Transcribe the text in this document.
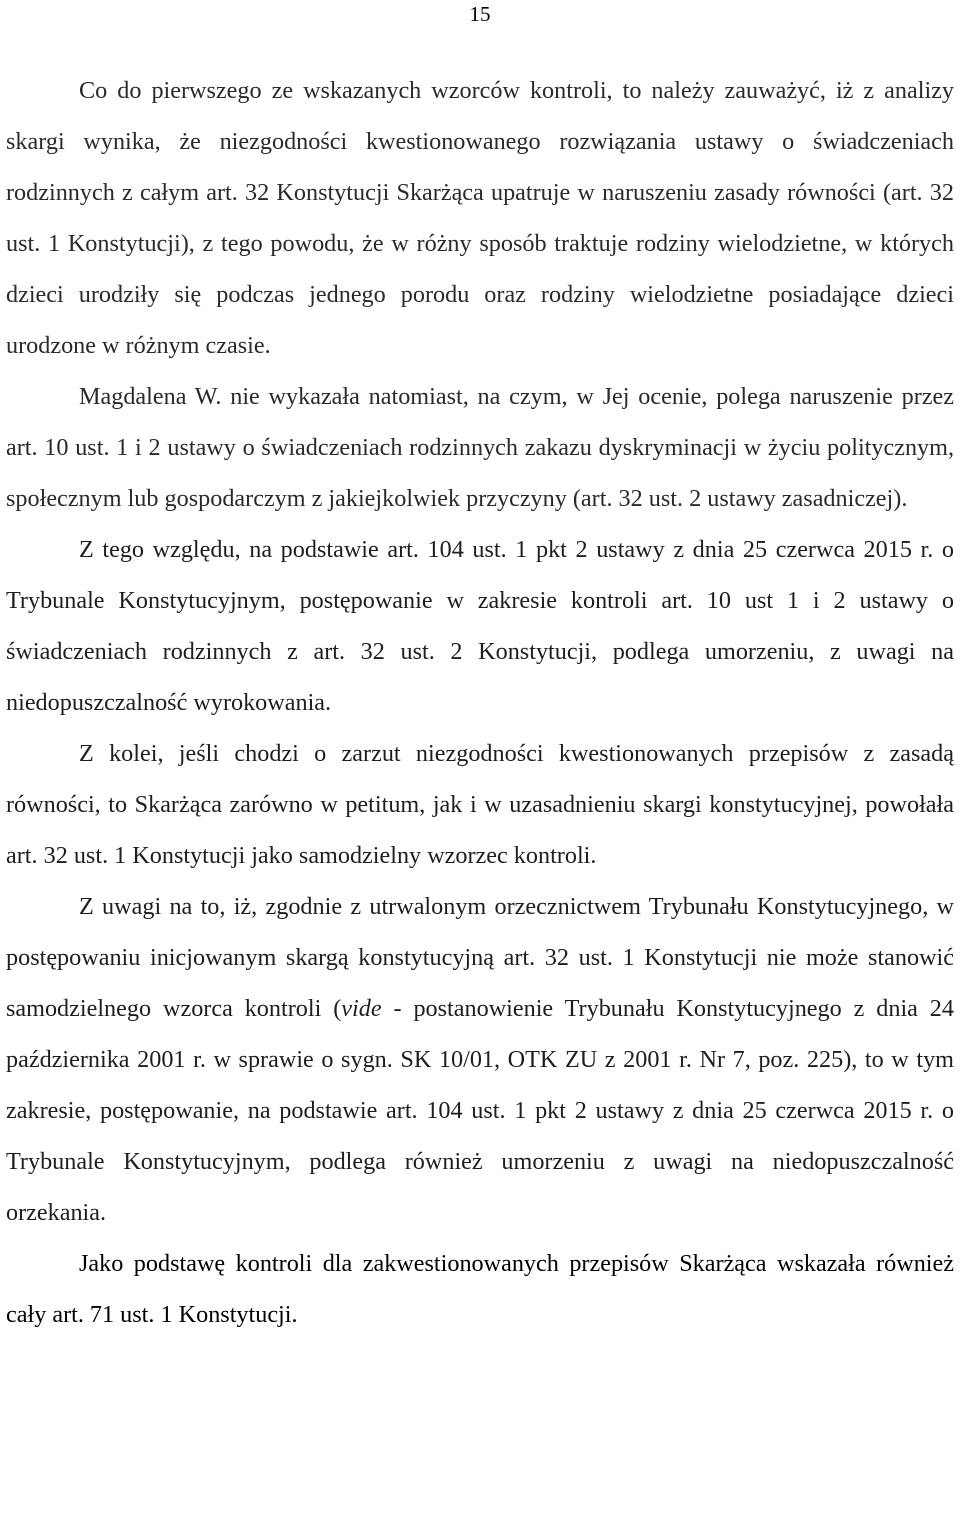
15

Co do pierwszego ze wskazanych wzorców kontroli, to należy zauważyć, iż z analizy skargi wynika, że niezgodności kwestionowanego rozwiązania ustawy o świadczeniach rodzinnych z całym art. 32 Konstytucji Skarżąca upatruje w naruszeniu zasady równości (art. 32 ust. 1 Konstytucji), z tego powodu, że w różny sposób traktuje rodziny wielodzietne, w których dzieci urodziły się podczas jednego porodu oraz rodziny wielodzietne posiadające dzieci urodzone w różnym czasie.

Magdalena W. nie wykazała natomiast, na czym, w Jej ocenie, polega naruszenie przez art. 10 ust. 1 i 2 ustawy o świadczeniach rodzinnych zakazu dyskryminacji w życiu politycznym, społecznym lub gospodarczym z jakiejkolwiek przyczyny (art. 32 ust. 2 ustawy zasadniczej).

Z tego względu, na podstawie art. 104 ust. 1 pkt 2 ustawy z dnia 25 czerwca 2015 r. o Trybunale Konstytucyjnym, postępowanie w zakresie kontroli art. 10 ust 1 i 2 ustawy o świadczeniach rodzinnych z art. 32 ust. 2 Konstytucji, podlega umorzeniu, z uwagi na niedopuszczalność wyrokowania.

Z kolei, jeśli chodzi o zarzut niezgodności kwestionowanych przepisów z zasadą równości, to Skarżąca zarówno w petitum, jak i w uzasadnieniu skargi konstytucyjnej, powołała art. 32 ust. 1 Konstytucji jako samodzielny wzorzec kontroli.

Z uwagi na to, iż, zgodnie z utrwalonym orzecznictwem Trybunału Konstytucyjnego, w postępowaniu inicjowanym skargą konstytucyjną art. 32 ust. 1 Konstytucji nie może stanowić samodzielnego wzorca kontroli (vide - postanowienie Trybunału Konstytucyjnego z dnia 24 października 2001 r. w sprawie o sygn. SK 10/01, OTK ZU z 2001 r. Nr 7, poz. 225), to w tym zakresie, postępowanie, na podstawie art. 104 ust. 1 pkt 2 ustawy z dnia 25 czerwca 2015 r. o Trybunale Konstytucyjnym, podlega również umorzeniu z uwagi na niedopuszczalność orzekania.

Jako podstawę kontroli dla zakwestionowanych przepisów Skarżąca wskazała również cały art. 71 ust. 1 Konstytucji.
